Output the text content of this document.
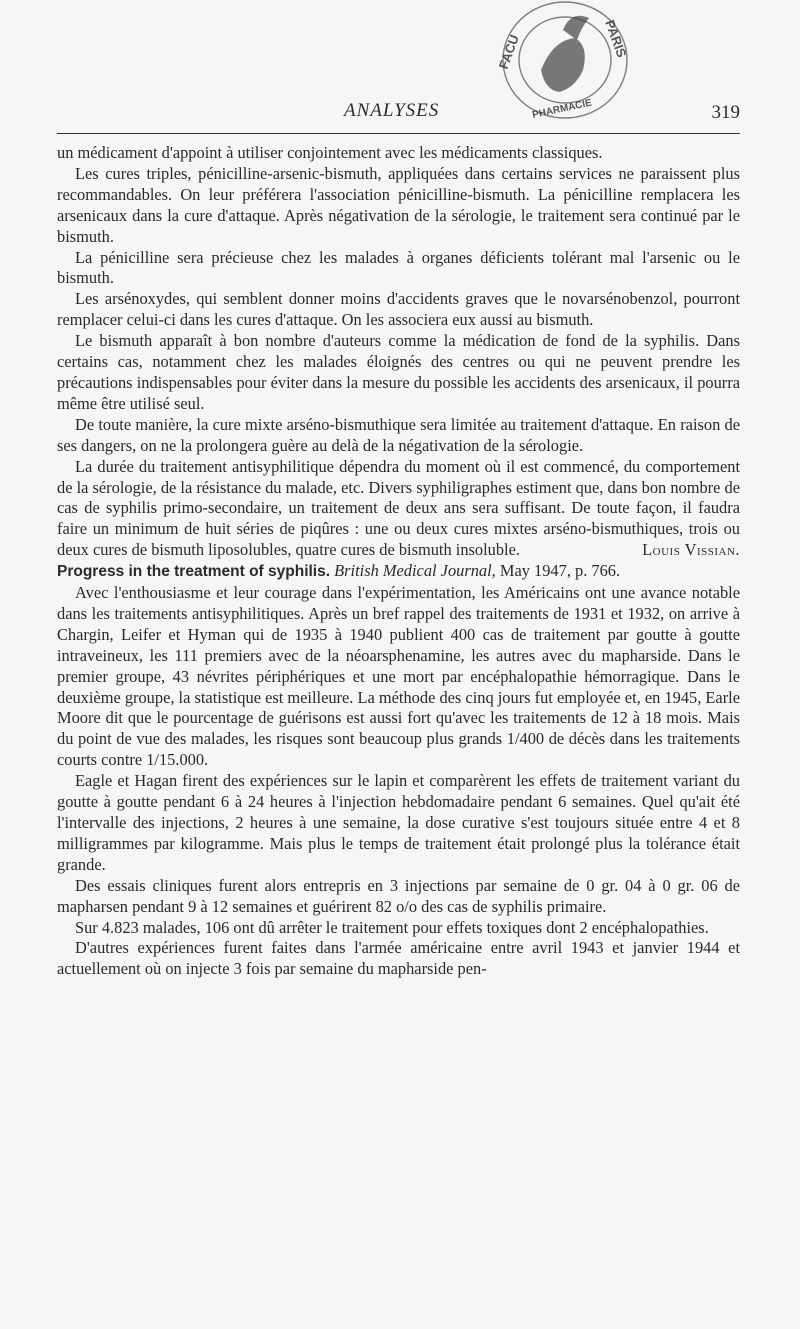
FACU	PARIS
PHARMACIE
ANALYSES	319

un médicament d'appoint à utiliser conjointement avec les médicaments classiques.

Les cures triples, pénicilline-arsenic-bismuth, appliquées dans certains services ne paraissent plus recommandables. On leur préférera l'association pénicilline-bismuth. La pénicilline remplacera les arsenicaux dans la cure d'attaque. Après négativation de la sérologie, le traitement sera continué par le bismuth.

La pénicilline sera précieuse chez les malades à organes déficients tolérant mal l'arsenic ou le bismuth.

Les arsénoxydes, qui semblent donner moins d'accidents graves que le novarsénobenzol, pourront remplacer celui-ci dans les cures d'attaque. On les associera eux aussi au bismuth.

Le bismuth apparaît à bon nombre d'auteurs comme la médication de fond de la syphilis. Dans certains cas, notamment chez les malades éloignés des centres ou qui ne peuvent prendre les précautions indispensables pour éviter dans la mesure du possible les accidents des arsenicaux, il pourra même être utilisé seul.

De toute manière, la cure mixte arséno-bismuthique sera limitée au traitement d'attaque. En raison de ses dangers, on ne la prolongera guère au delà de la négativation de la sérologie.

La durée du traitement antisyphilitique dépendra du moment où il est commencé, du comportement de la sérologie, de la résistance du malade, etc. Divers syphiligraphes estiment que, dans bon nombre de cas de syphilis primo-secondaire, un traitement de deux ans sera suffisant. De toute façon, il faudra faire un minimum de huit séries de piqûres : une ou deux cures mixtes arséno-bismuthiques, trois ou deux cures de bismuth liposolubles, quatre cures de bismuth insoluble.	Louis Vissian.

Progress in the treatment of syphilis. British Medical Journal, May 1947, p. 766.

Avec l'enthousiasme et leur courage dans l'expérimentation, les Américains ont une avance notable dans les traitements antisyphilitiques. Après un bref rappel des traitements de 1931 et 1932, on arrive à Chargin, Leifer et Hyman qui de 1935 à 1940 publient 400 cas de traitement par goutte à goutte intraveineux, les 111 premiers avec de la néoarsphenamine, les autres avec du mapharside. Dans le premier groupe, 43 névrites périphériques et une mort par encéphalopathie hémorragique. Dans le deuxième groupe, la statistique est meilleure. La méthode des cinq jours fut employée et, en 1945, Earle Moore dit que le pourcentage de guérisons est aussi fort qu'avec les traitements de 12 à 18 mois. Mais du point de vue des malades, les risques sont beaucoup plus grands 1/400 de décès dans les traitements courts contre 1/15.000.

Eagle et Hagan firent des expériences sur le lapin et comparèrent les effets de traitement variant du goutte à goutte pendant 6 à 24 heures à l'injection hebdomadaire pendant 6 semaines. Quel qu'ait été l'intervalle des injections, 2 heures à une semaine, la dose curative s'est toujours située entre 4 et 8 milligrammes par kilogramme. Mais plus le temps de traitement était prolongé plus la tolérance était grande.

Des essais cliniques furent alors entrepris en 3 injections par semaine de 0 gr. 04 à 0 gr. 06 de mapharsen pendant 9 à 12 semaines et guérirent 82 o/o des cas de syphilis primaire.

Sur 4.823 malades, 106 ont dû arrêter le traitement pour effets toxiques dont 2 encéphalopathies.

D'autres expériences furent faites dans l'armée américaine entre avril 1943 et janvier 1944 et actuellement où on injecte 3 fois par semaine du mapharside pen-
